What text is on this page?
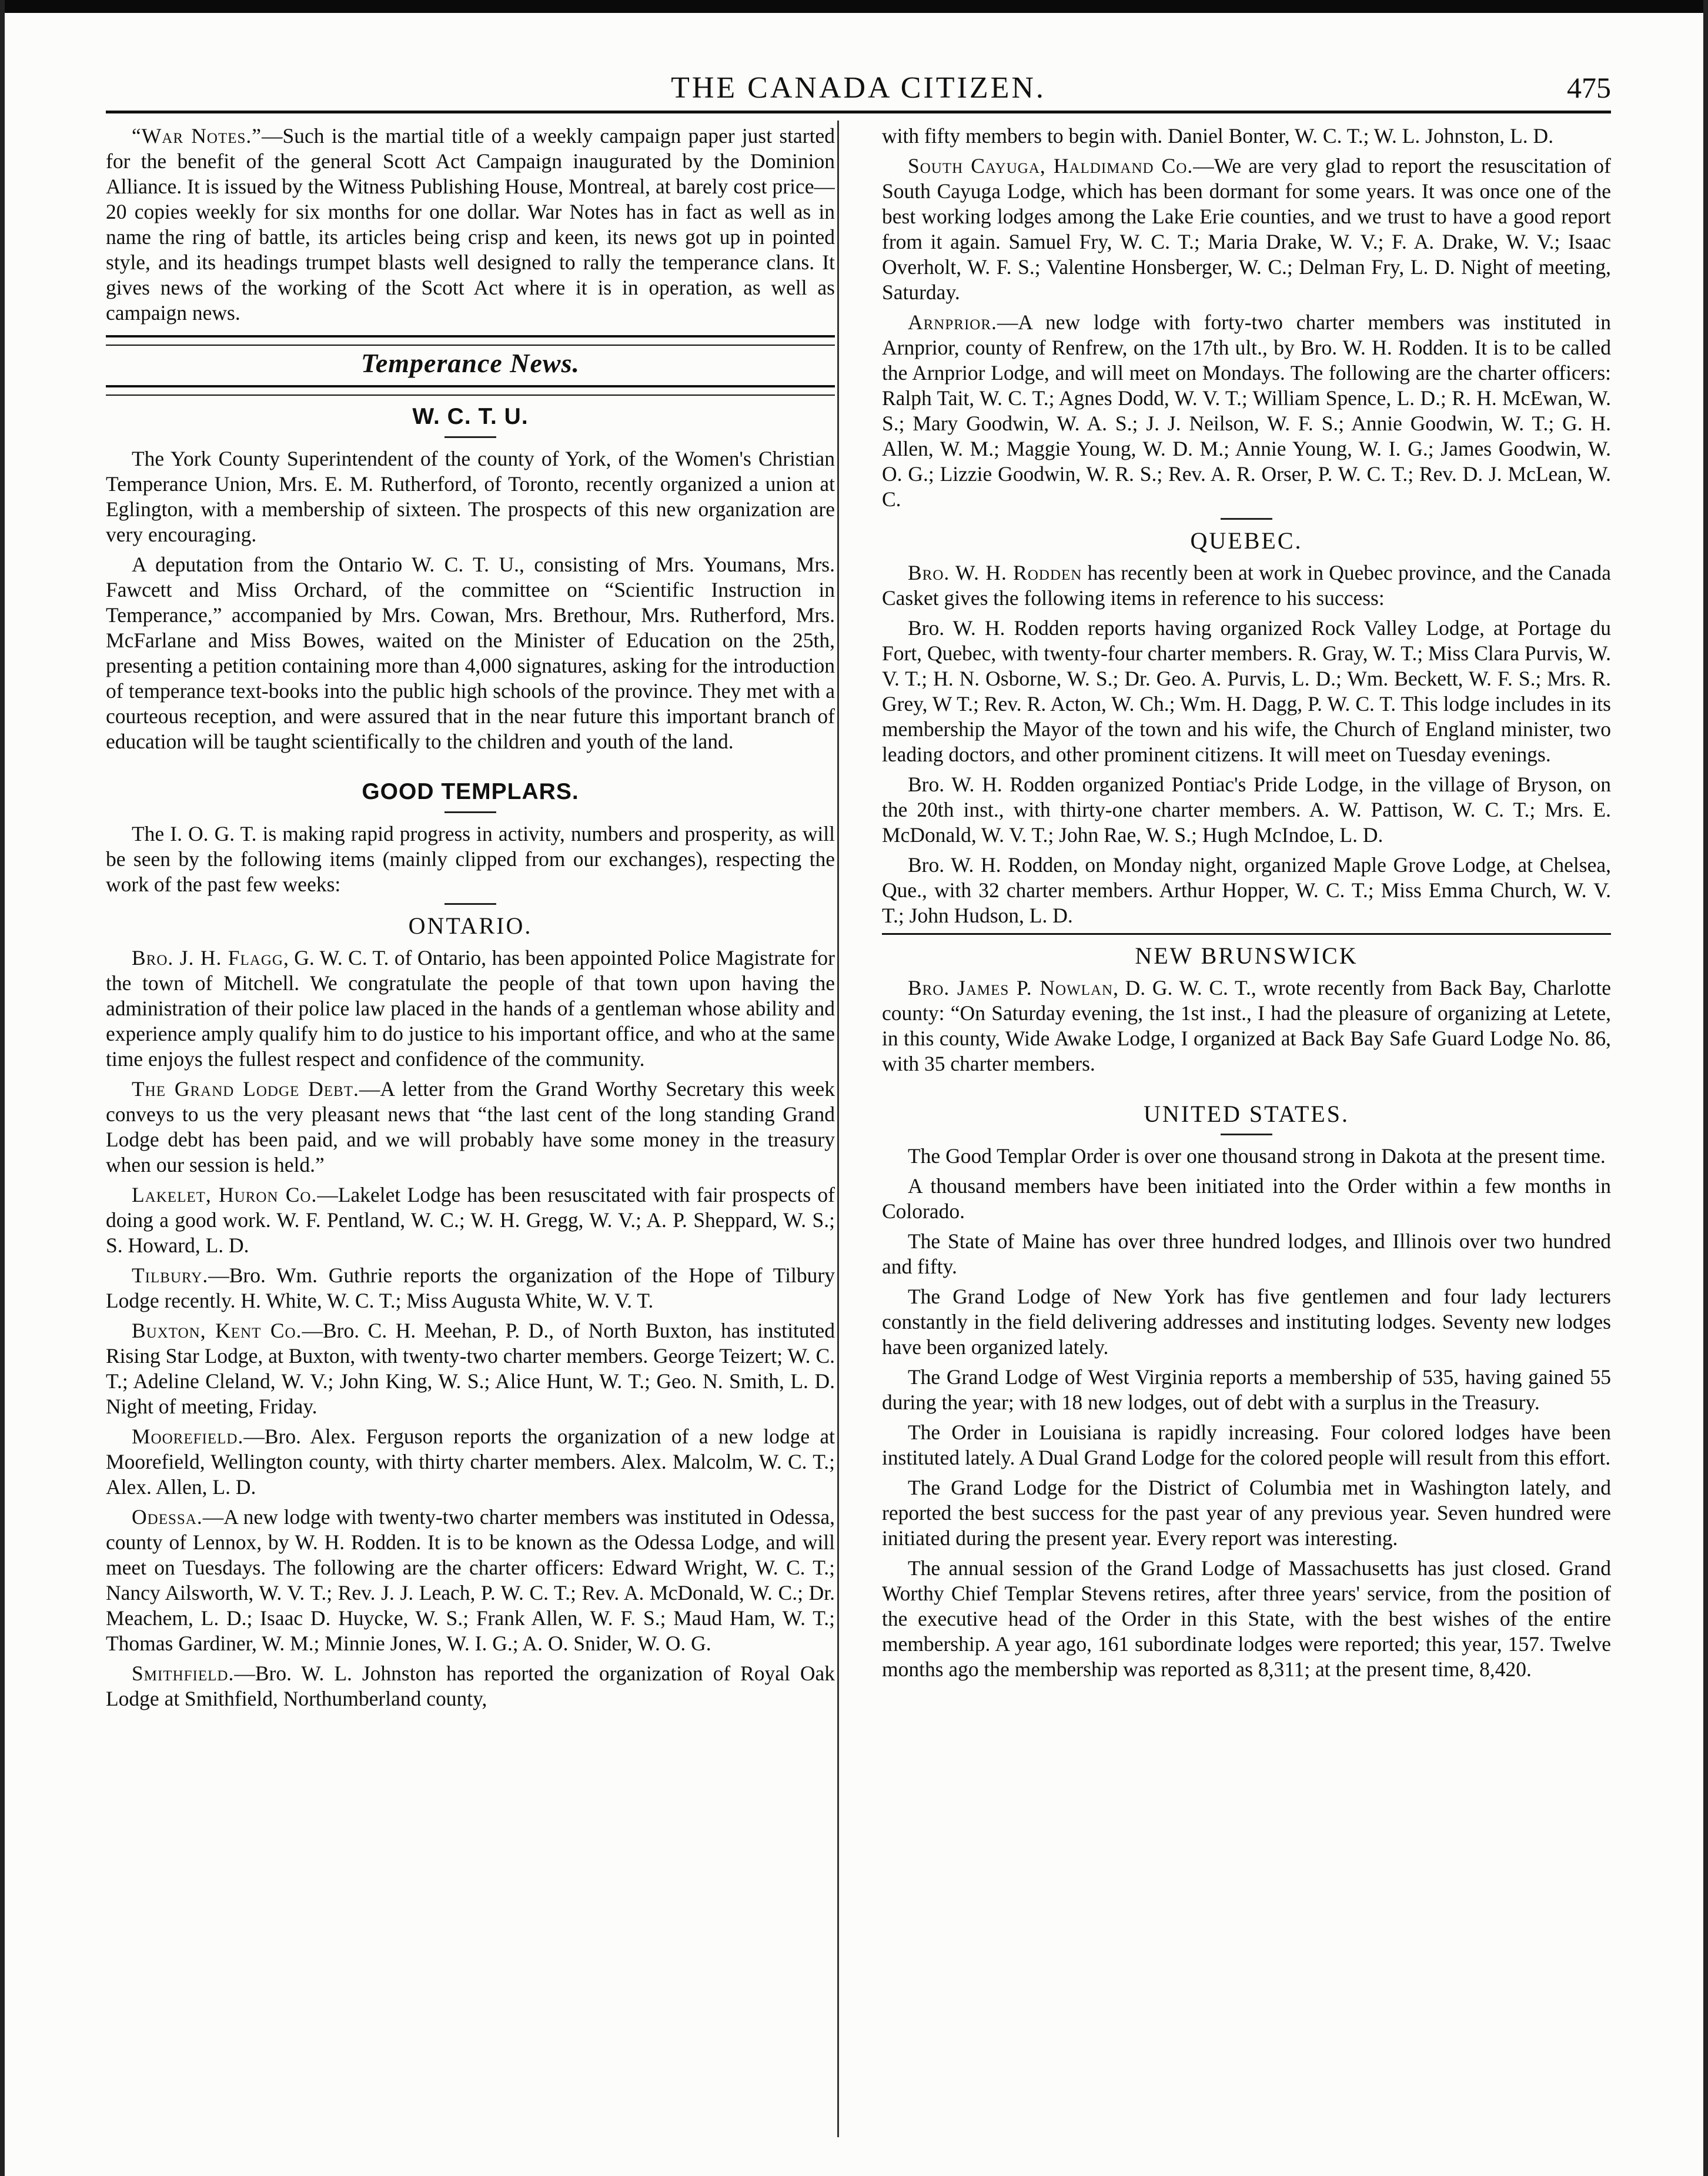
THE CANADA CITIZEN.	475

“War Notes.”—Such is the martial title of a weekly campaign paper just started for the benefit of the general Scott Act Campaign inaugurated by the Dominion Alliance. It is issued by the Witness Publishing House, Montreal, at barely cost price—20 copies weekly for six months for one dollar. War Notes has in fact as well as in name the ring of battle, its articles being crisp and keen, its news got up in pointed style, and its headings trumpet blasts well designed to rally the temperance clans. It gives news of the working of the Scott Act where it is in operation, as well as campaign news.

Temperance News.
W. C. T. U.

The York County Superintendent of the county of York, of the Women's Christian Temperance Union, Mrs. E. M. Rutherford, of Toronto, recently organized a union at Eglington, with a membership of sixteen. The prospects of this new organization are very encouraging.

A deputation from the Ontario W. C. T. U., consisting of Mrs. Youmans, Mrs. Fawcett and Miss Orchard, of the committee on “Scientific Instruction in Temperance,” accompanied by Mrs. Cowan, Mrs. Brethour, Mrs. Rutherford, Mrs. McFarlane and Miss Bowes, waited on the Minister of Education on the 25th, presenting a petition containing more than 4,000 signatures, asking for the introduction of temperance text-books into the public high schools of the province. They met with a courteous reception, and were assured that in the near future this important branch of education will be taught scientifically to the children and youth of the land.

GOOD TEMPLARS.

The I. O. G. T. is making rapid progress in activity, numbers and prosperity, as will be seen by the following items (mainly clipped from our exchanges), respecting the work of the past few weeks:

ONTARIO.

Bro. J. H. Flagg, G. W. C. T. of Ontario, has been appointed Police Magistrate for the town of Mitchell. We congratulate the people of that town upon having the administration of their police law placed in the hands of a gentleman whose ability and experience amply qualify him to do justice to his important office, and who at the same time enjoys the fullest respect and confidence of the community.

The Grand Lodge Debt.—A letter from the Grand Worthy Secretary this week conveys to us the very pleasant news that “the last cent of the long standing Grand Lodge debt has been paid, and we will probably have some money in the treasury when our session is held.”

Lakelet, Huron Co.—Lakelet Lodge has been resuscitated with fair prospects of doing a good work. W. F. Pentland, W. C.; W. H. Gregg, W. V.; A. P. Sheppard, W. S.; S. Howard, L. D.

Tilbury.—Bro. Wm. Guthrie reports the organization of the Hope of Tilbury Lodge recently. H. White, W. C. T.; Miss Augusta White, W. V. T.

Buxton, Kent Co.—Bro. C. H. Meehan, P. D., of North Buxton, has instituted Rising Star Lodge, at Buxton, with twenty-two charter members. George Teizert; W. C. T.; Adeline Cleland, W. V.; John King, W. S.; Alice Hunt, W. T.; Geo. N. Smith, L. D. Night of meeting, Friday.

Moorefield.—Bro. Alex. Ferguson reports the organization of a new lodge at Moorefield, Wellington county, with thirty charter members. Alex. Malcolm, W. C. T.; Alex. Allen, L. D.

Odessa.—A new lodge with twenty-two charter members was instituted in Odessa, county of Lennox, by W. H. Rodden. It is to be known as the Odessa Lodge, and will meet on Tuesdays. The following are the charter officers: Edward Wright, W. C. T.; Nancy Ailsworth, W. V. T.; Rev. J. J. Leach, P. W. C. T.; Rev. A. McDonald, W. C.; Dr. Meachem, L. D.; Isaac D. Huycke, W. S.; Frank Allen, W. F. S.; Maud Ham, W. T.; Thomas Gardiner, W. M.; Minnie Jones, W. I. G.; A. O. Snider, W. O. G.

Smithfield.—Bro. W. L. Johnston has reported the organization of Royal Oak Lodge at Smithfield, Northumberland county,

with fifty members to begin with. Daniel Bonter, W. C. T.; W. L. Johnston, L. D.

South Cayuga, Haldimand Co.—We are very glad to report the resuscitation of South Cayuga Lodge, which has been dormant for some years. It was once one of the best working lodges among the Lake Erie counties, and we trust to have a good report from it again. Samuel Fry, W. C. T.; Maria Drake, W. V.; F. A. Drake, W. V.; Isaac Overholt, W. F. S.; Valentine Honsberger, W. C.; Delman Fry, L. D. Night of meeting, Saturday.

Arnprior.—A new lodge with forty-two charter members was instituted in Arnprior, county of Renfrew, on the 17th ult., by Bro. W. H. Rodden. It is to be called the Arnprior Lodge, and will meet on Mondays. The following are the charter officers: Ralph Tait, W. C. T.; Agnes Dodd, W. V. T.; William Spence, L. D.; R. H. McEwan, W. S.; Mary Goodwin, W. A. S.; J. J. Neilson, W. F. S.; Annie Goodwin, W. T.; G. H. Allen, W. M.; Maggie Young, W. D. M.; Annie Young, W. I. G.; James Goodwin, W. O. G.; Lizzie Goodwin, W. R. S.; Rev. A. R. Orser, P. W. C. T.; Rev. D. J. McLean, W. C.

QUEBEC.

Bro. W. H. Rodden has recently been at work in Quebec province, and the Canada Casket gives the following items in reference to his success:

Bro. W. H. Rodden reports having organized Rock Valley Lodge, at Portage du Fort, Quebec, with twenty-four charter members. R. Gray, W. T.; Miss Clara Purvis, W. V. T.; H. N. Osborne, W. S.; Dr. Geo. A. Purvis, L. D.; Wm. Beckett, W. F. S.; Mrs. R. Grey, W T.; Rev. R. Acton, W. Ch.; Wm. H. Dagg, P. W. C. T. This lodge includes in its membership the Mayor of the town and his wife, the Church of England minister, two leading doctors, and other prominent citizens. It will meet on Tuesday evenings.

Bro. W. H. Rodden organized Pontiac's Pride Lodge, in the village of Bryson, on the 20th inst., with thirty-one charter members. A. W. Pattison, W. C. T.; Mrs. E. McDonald, W. V. T.; John Rae, W. S.; Hugh McIndoe, L. D.

Bro. W. H. Rodden, on Monday night, organized Maple Grove Lodge, at Chelsea, Que., with 32 charter members. Arthur Hopper, W. C. T.; Miss Emma Church, W. V. T.; John Hudson, L. D.

NEW BRUNSWICK

Bro. James P. Nowlan, D. G. W. C. T., wrote recently from Back Bay, Charlotte county: “On Saturday evening, the 1st inst., I had the pleasure of organizing at Letete, in this county, Wide Awake Lodge, I organized at Back Bay Safe Guard Lodge No. 86, with 35 charter members.

UNITED STATES.

The Good Templar Order is over one thousand strong in Dakota at the present time.

A thousand members have been initiated into the Order within a few months in Colorado.

The State of Maine has over three hundred lodges, and Illinois over two hundred and fifty.

The Grand Lodge of New York has five gentlemen and four lady lecturers constantly in the field delivering addresses and instituting lodges. Seventy new lodges have been organized lately.

The Grand Lodge of West Virginia reports a membership of 535, having gained 55 during the year; with 18 new lodges, out of debt with a surplus in the Treasury.

The Order in Louisiana is rapidly increasing. Four colored lodges have been instituted lately. A Dual Grand Lodge for the colored people will result from this effort.

The Grand Lodge for the District of Columbia met in Washington lately, and reported the best success for the past year of any previous year. Seven hundred were initiated during the present year. Every report was interesting.

The annual session of the Grand Lodge of Massachusetts has just closed. Grand Worthy Chief Templar Stevens retires, after three years' service, from the position of the executive head of the Order in this State, with the best wishes of the entire membership. A year ago, 161 subordinate lodges were reported; this year, 157. Twelve months ago the membership was reported as 8,311; at the present time, 8,420.
